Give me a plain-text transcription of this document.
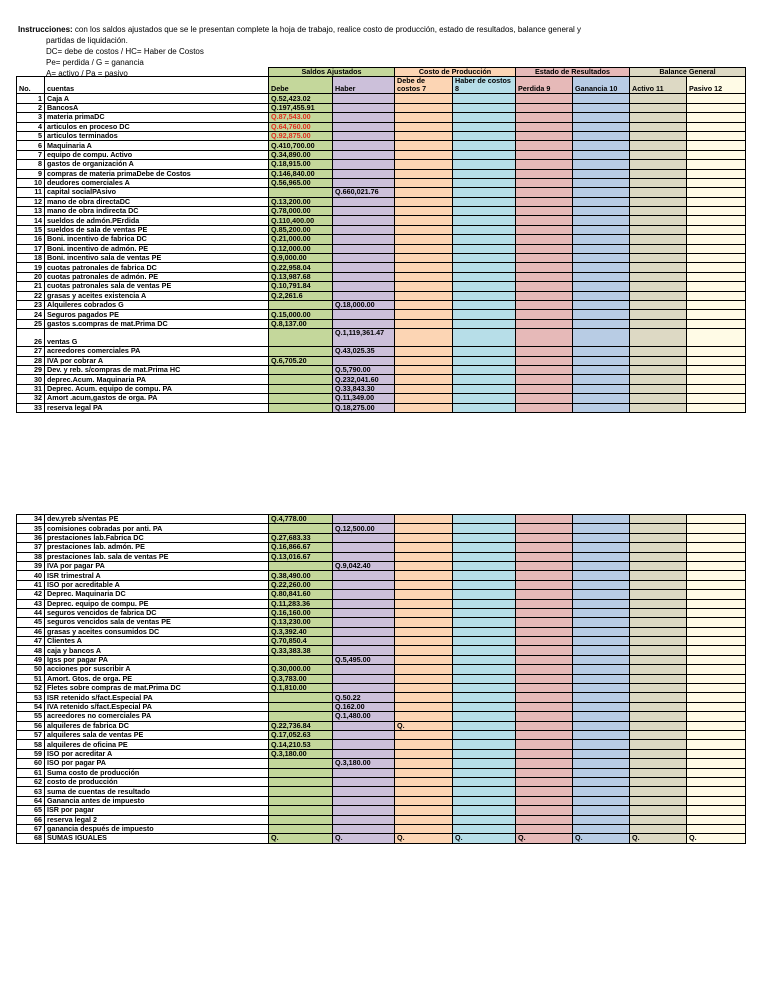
Instrucciones: con los saldos ajustados que se le presentan complete la hoja de trabajo, realice costo de producción, estado de resultados, balance general y
partidas de liquidación.
DC= debe de costos / HC= Haber de Costos
Pe= perdida / G = ganancia
A= activo / Pa = pasivo
			Saldos Ajustados		Costo de Producción		Estado de Resultados		Balance General	
No.	cuentas	Debe	Haber	Debe de costos 7	Haber de costos 8	Perdida 9	Ganancia 10	Activo 11	Pasivo 12
1	Caja A	Q.52,423.02							
2	BancosA	Q.197,455.91							
3	materia primaDC	Q.87,543.00							
4	articulos en proceso DC	Q.64,760.00							
5	articulos terminados	Q.92,875.00							
6	Maquinaria A	Q.410,700.00							
7	equipo de compu. Activo	Q.34,890.00							
8	gastos de organización A	Q.18,915.00							
9	compras de materia primaDebe de Costos	Q.146,840.00							
10	deudores comerciales A	Q.56,965.00							
11	capital socialPAsivo		Q.660,021.76						
12	mano de obra directaDC	Q.13,200.00							
13	mano de obra indirecta DC	Q.78,000.00							
14	sueldos de admón.PErdida	Q.110,400.00							
15	sueldos de sala de ventas PE	Q.85,200.00							
16	Boni. incentivo de fabrica DC	Q.21,000.00							
17	Boni. incentivo de admón. PE	Q.12,000.00							
18	Boni. incentivo sala de ventas PE	Q.9,000.00							
19	cuotas patronales de fabrica DC	Q.22,958.04							
20	cuotas patronales de admón. PE	Q.13,987.68							
21	cuotas patronales sala de ventas PE	Q.10,791.84							
22	grasas y aceites existencia A	Q.2,261.6							
23	Alquileres cobrados G		Q.18,000.00						
24	Seguros pagados PE	Q.15,000.00							
25	gastos s.compras de mat.Prima DC	Q.8,137.00							
26	ventas G		Q.1,119,361.47						
27	acreedores comerciales PA		Q.43,025.35						
28	IVA por cobrar A	Q.6,705.20							
29	Dev. y reb. s/compras de mat.Prima HC		Q.5,790.00						
30	deprec.Acum. Maquinaria PA		Q.232,041.60						
31	Deprec. Acum. equipo de compu. PA		Q.33,843.30						
32	Amort .acum,gastos de orga. PA		Q.11,349.00						
33	reserva legal PA		Q.18,275.00						
34	dev.yreb s/ventas PE	Q.4,778.00							
35	comisiones cobradas por anti. PA		Q.12,500.00						
36	prestaciones lab.Fabrica DC	Q.27,683.33							
37	prestaciones lab. admón. PE	Q.16,866.67							
38	prestaciones lab. sala de ventas PE	Q.13,016.67							
39	IVA por pagar PA		Q.9,042.40						
40	ISR trimestral A	Q.38,490.00							
41	ISO por acreditable A	Q.22,260.00							
42	Deprec. Maquinaria DC	Q.80,841.60							
43	Deprec. equipo de compu. PE	Q.11,283.36							
44	seguros vencidos de fabrica DC	Q.16,160.00							
45	seguros vencidos sala de ventas PE	Q.13,230.00							
46	grasas y aceites consumidos DC	Q.3,392.40							
47	Clientes A	Q.70,850.4							
48	caja y bancos A	Q.33,383.38							
49	Igss por pagar PA		Q.5,495.00						
50	acciones por suscribir A	Q.30,000.00							
51	Amort. Gtos. de orga. PE	Q.3,783.00							
52	Fletes sobre compras de mat.Prima DC	Q.1,810.00							
53	ISR retenido s/fact.Especial PA		Q.50.22						
54	IVA retenido s/fact.Especial PA		Q.162.00						
55	acreedores no comerciales PA		Q.1,480.00						
56	alquileres de fabrica DC	Q.22,736.84		Q.					
57	alquileres sala de ventas PE	Q.17,052.63							
58	alquileres de oficina PE	Q.14,210.53							
59	ISO por acreditar A	Q.3,180.00							
60	ISO por pagar PA		Q.3,180.00						
61	Suma costo de producción								
62	costo de producción								
63	suma de cuentas de resultado								
64	Ganancia antes de impuesto								
65	ISR por pagar								
66	reserva legal 2								
67	ganancia después de impuesto								
68	SUMAS IGUALES	Q.	Q.	Q.	Q.	Q.	Q.	Q.	Q.
